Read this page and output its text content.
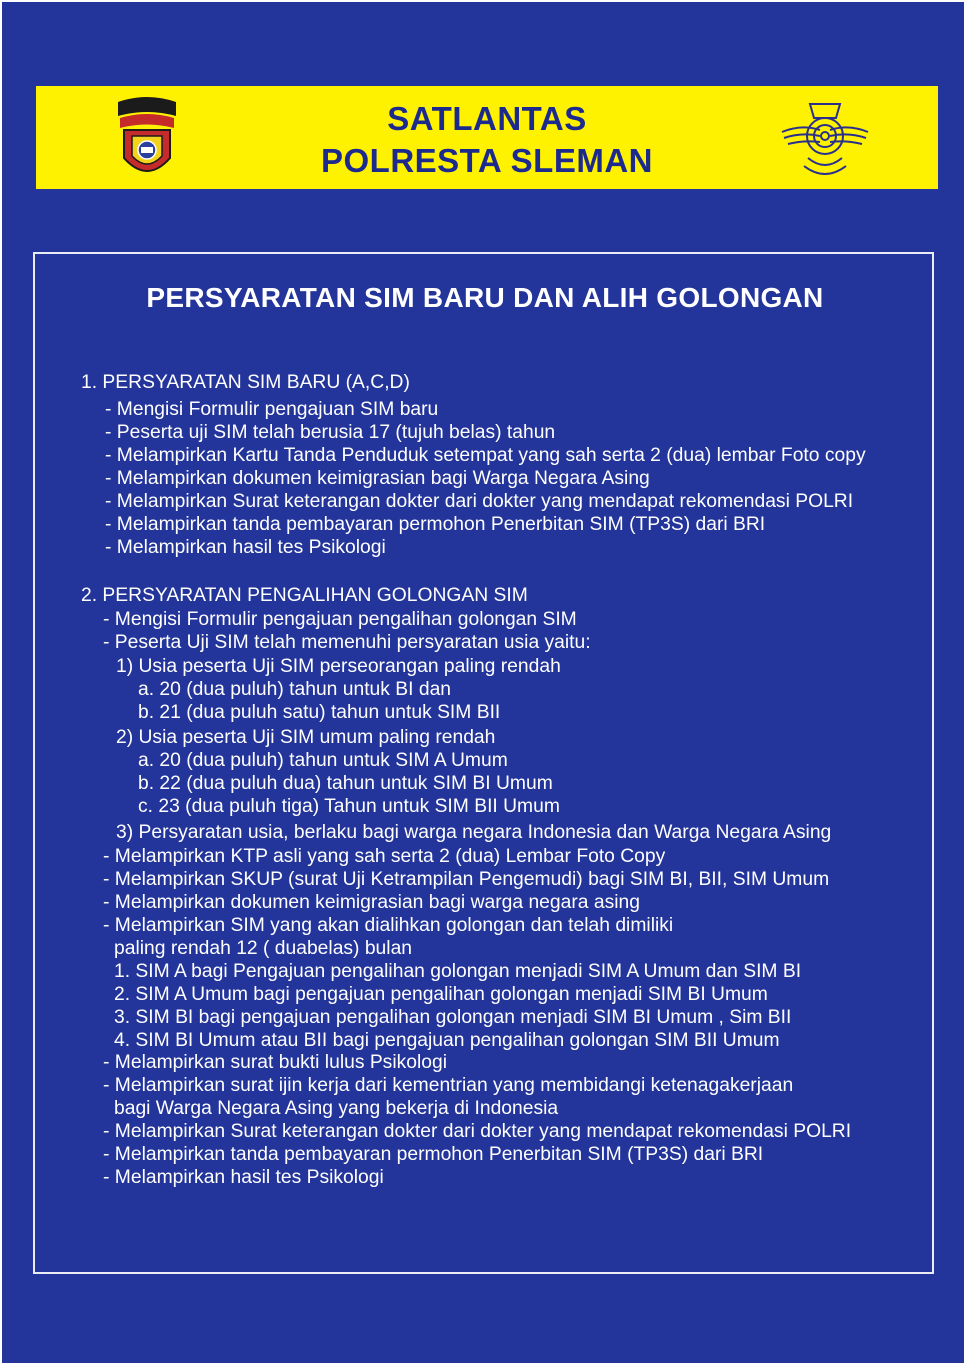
SATLANTAS
POLRESTA SLEMAN
PERSYARATAN SIM BARU DAN ALIH GOLONGAN
1. PERSYARATAN SIM BARU (A,C,D)
- Mengisi Formulir pengajuan SIM baru
- Peserta uji SIM telah berusia 17 (tujuh belas) tahun
- Melampirkan Kartu Tanda Penduduk setempat yang sah serta 2 (dua) lembar Foto copy
- Melampirkan dokumen keimigrasian bagi Warga Negara Asing
- Melampirkan Surat keterangan dokter dari dokter yang mendapat rekomendasi POLRI
- Melampirkan tanda pembayaran permohon Penerbitan SIM (TP3S) dari BRI
- Melampirkan hasil tes Psikologi
2. PERSYARATAN PENGALIHAN GOLONGAN SIM
- Mengisi Formulir pengajuan pengalihan golongan SIM
- Peserta Uji SIM telah memenuhi persyaratan usia yaitu:
1) Usia peserta Uji SIM perseorangan paling rendah
a. 20 (dua puluh) tahun untuk BI dan
b. 21 (dua puluh satu) tahun untuk SIM BII
2) Usia peserta Uji SIM umum paling rendah
a. 20 (dua puluh) tahun untuk SIM A Umum
b. 22 (dua puluh dua) tahun untuk SIM BI Umum
c. 23 (dua puluh tiga) Tahun untuk SIM BII Umum
3) Persyaratan usia, berlaku bagi warga negara Indonesia dan Warga Negara Asing
- Melampirkan KTP asli yang sah serta 2 (dua) Lembar Foto Copy
- Melampirkan SKUP (surat Uji Ketrampilan Pengemudi) bagi SIM BI, BII, SIM Umum
- Melampirkan dokumen keimigrasian bagi warga negara asing
- Melampirkan SIM yang akan dialihkan golongan dan telah dimiliki
paling rendah 12 ( duabelas) bulan
1. SIM A bagi Pengajuan pengalihan golongan menjadi SIM A Umum dan SIM BI
2. SIM A Umum bagi pengajuan pengalihan golongan menjadi SIM BI Umum
3. SIM BI bagi pengajuan pengalihan golongan menjadi SIM BI Umum , Sim BII
4. SIM BI Umum atau BII bagi pengajuan pengalihan golongan SIM BII Umum
- Melampirkan surat bukti lulus Psikologi
- Melampirkan surat ijin kerja dari kementrian yang membidangi ketenagakerjaan
bagi Warga Negara Asing yang bekerja di Indonesia
- Melampirkan Surat keterangan dokter dari dokter yang mendapat rekomendasi POLRI
- Melampirkan tanda pembayaran permohon Penerbitan SIM (TP3S) dari BRI
- Melampirkan hasil tes Psikologi
